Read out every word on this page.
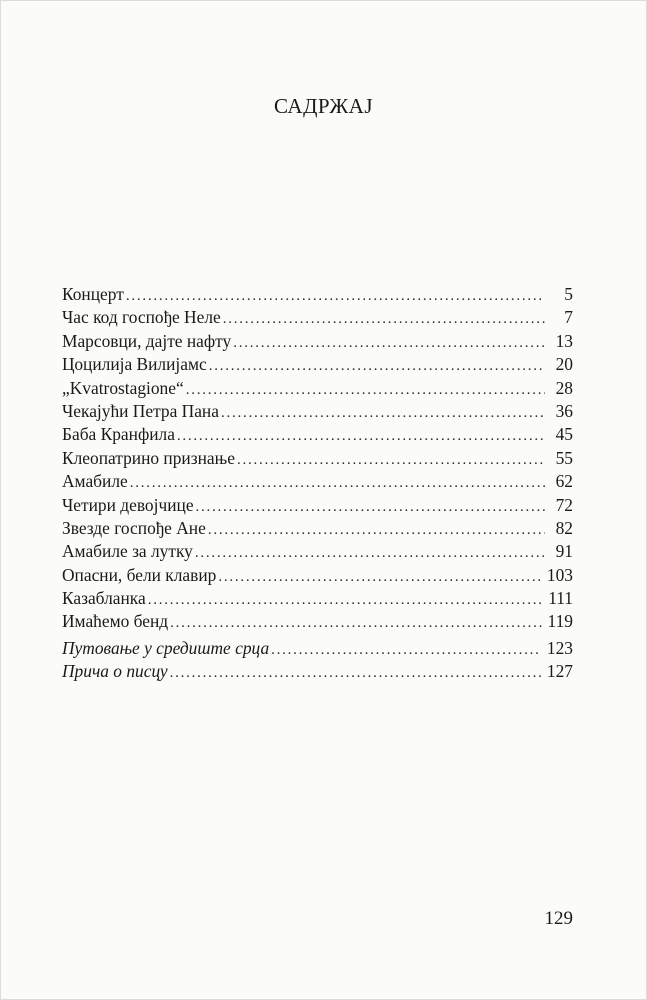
САДРЖАЈ
Концерт . . .	5
Час код госпође Неле . . .	7
Марсовци, дајте нафту . . .	13
Цоцилија Вилијамс . . .	20
„Kvatrostagione“ . . .	28
Чекајући Петра Пана . . .	36
Баба Кранфила . . .	45
Клеопатрино признање . . .	55
Амабиле . . .	62
Четири девојчице . . .	72
Звезде госпође Ане . . .	82
Амабиле за лутку . . .	91
Опасни, бели клавир . . .	103
Казабланка . . .	111
Имаћемо бенд . . .	119
Путовање у средиште срца . . .	123
Прича о писцу . . .	127
129
